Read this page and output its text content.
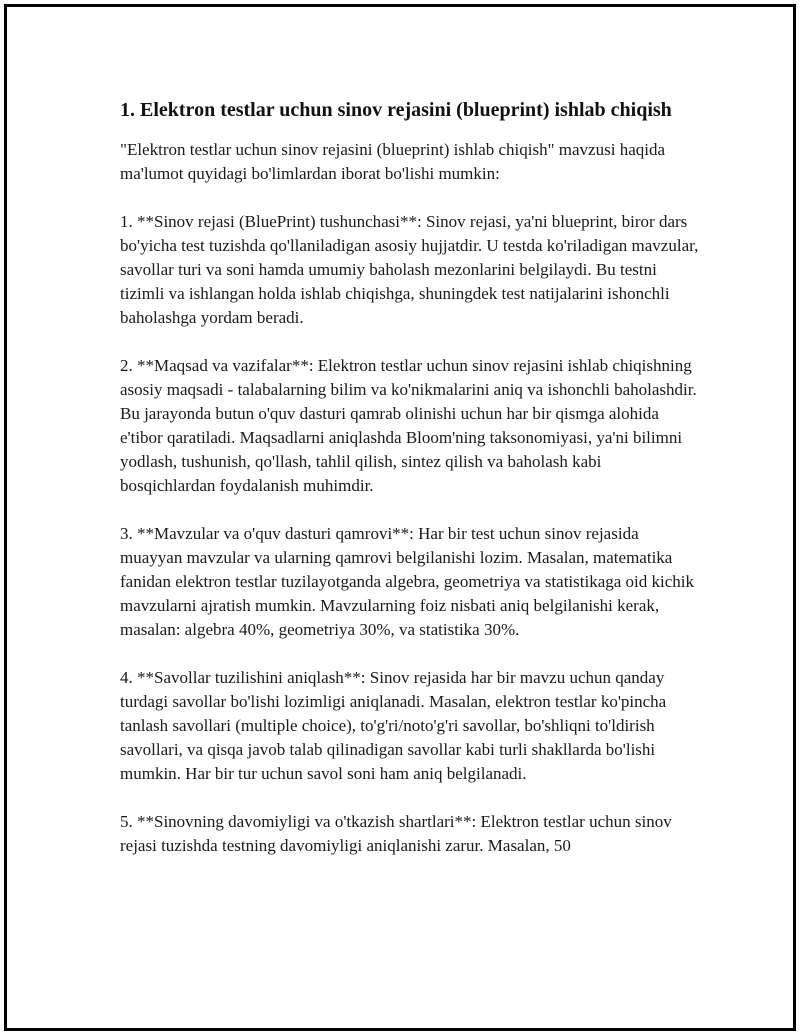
1. Elektron testlar uchun sinov rejasini (blueprint) ishlab chiqish

"Elektron testlar uchun sinov rejasini (blueprint) ishlab chiqish" mavzusi haqida ma'lumot quyidagi bo'limlardan iborat bo'lishi mumkin:

1. **Sinov rejasi (BluePrint) tushunchasi**: Sinov rejasi, ya'ni blueprint, biror dars bo'yicha test tuzishda qo'llaniladigan asosiy hujjatdir. U testda ko'riladigan mavzular, savollar turi va soni hamda umumiy baholash mezonlarini belgilaydi. Bu testni tizimli va ishlangan holda ishlab chiqishga, shuningdek test natijalarini ishonchli baholashga yordam beradi.

2. **Maqsad va vazifalar**: Elektron testlar uchun sinov rejasini ishlab chiqishning asosiy maqsadi - talabalarning bilim va ko'nikmalarini aniq va ishonchli baholashdir. Bu jarayonda butun o'quv dasturi qamrab olinishi uchun har bir qismga alohida e'tibor qaratiladi. Maqsadlarni aniqlashda Bloom'ning taksonomiyasi, ya'ni bilimni yodlash, tushunish, qo'llash, tahlil qilish, sintez qilish va baholash kabi bosqichlardan foydalanish muhimdir.

3. **Mavzular va o'quv dasturi qamrovi**: Har bir test uchun sinov rejasida muayyan mavzular va ularning qamrovi belgilanishi lozim. Masalan, matematika fanidan elektron testlar tuzilayotganda algebra, geometriya va statistikaga oid kichik mavzularni ajratish mumkin. Mavzularning foiz nisbati aniq belgilanishi kerak, masalan: algebra 40%, geometriya 30%, va statistika 30%.

4. **Savollar tuzilishini aniqlash**: Sinov rejasida har bir mavzu uchun qanday turdagi savollar bo'lishi lozimligi aniqlanadi. Masalan, elektron testlar ko'pincha tanlash savollari (multiple choice), to'g'ri/noto'g'ri savollar, bo'shliqni to'ldirish savollari, va qisqa javob talab qilinadigan savollar kabi turli shakllarda bo'lishi mumkin. Har bir tur uchun savol soni ham aniq belgilanadi.

5. **Sinovning davomiyligi va o'tkazish shartlari**: Elektron testlar uchun sinov rejasi tuzishda testning davomiyligi aniqlanishi zarur. Masalan, 50
